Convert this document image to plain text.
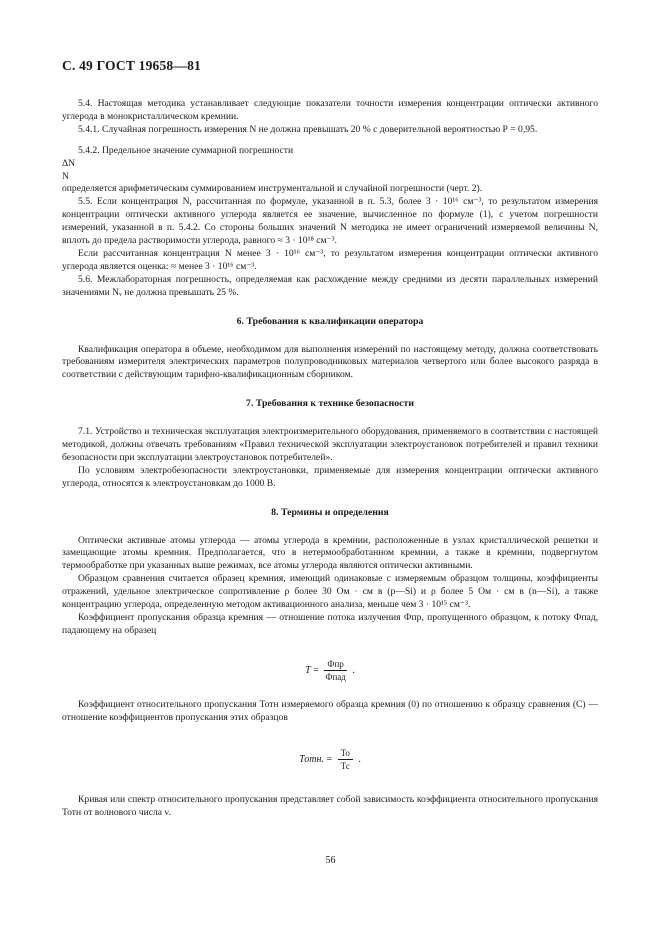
С. 49 ГОСТ 19658—81

5.4. Настоящая методика устанавливает следующие показатели точности измерения концентрации оптически активного углерода в монокристаллическом кремнии.

5.4.1. Случайная погрешность измерения N не должна превышать 20 % с доверительной вероятностью Р = 0,95.

5.4.2. Предельное значение суммарной погрешности

ΔN
N
определяется арифметическим суммированием инструментальной и случайной погрешности (черт. 2).

5.5. Если концентрация N, рассчитанная по формуле, указанной в п. 5.3, более 3 · 10¹⁶ см⁻³, то результатом измерения концентрации оптически активного углерода является ее значение, вычисленное по формуле (1), с учетом погрешности измерений, указанной в п. 5.4.2. Со стороны больших значений N методика не имеет ограничений измеряемой величины N, вплоть до предела растворимости углерода, равного ≈ 3 · 10¹⁸ см⁻³.

Если рассчитанная концентрация N менее 3 · 10¹⁶ см⁻³, то результатом измерения концентрации оптически активного углерода является оценка: ≈ менее 3 · 10¹⁶ см⁻³.

5.6. Межлабораторная погрешность, определяемая как расхождение между средними из десяти параллельных измерений значениями Nᵥ не должна превышать 25 %.

6. Требования к квалификации оператора

Квалификация оператора в объеме, необходимом для выполнения измерений по настоящему методу, должна соответствовать требованиям измерителя электрических параметров полупроводниковых материалов четвертого или более высокого разряда в соответствии с действующим тарифно-квалификационным сборником.

7. Требования к технике безопасности

7.1. Устройство и техническая эксплуатация электроизмерительного оборудования, применяемого в соответствии с настоящей методикой, должны отвечать требованиям «Правил технической эксплуатации электроустановок потребителей и правил техники безопасности при эксплуатации электроустановок потребителей».

По условиям электробезопасности электроустановки, применяемые для измерения концентрации оптически активного углерода, относятся к электроустановкам до 1000 В.

8. Термины и определения

Оптически активные атомы углерода — атомы углерода в кремнии, расположенные в узлах кристаллической решетки и замещающие атомы кремния. Предполагается, что в нетермообработанном кремнии, а также в кремнии, подвергнутом термообработке при указанных выше режимах, все атомы углерода являются оптически активными.

Образцом сравнения считается образец кремния, имеющий одинаковые с измеряемым образцом толщины, коэффициенты отражений, удельное электрическое сопротивление ρ более 30 Ом · см в (р—Si) и ρ более 5 Ом · см в (n—Si), а также концентрацию углерода, определенную методом активационного анализа, меньше чем 3 · 10¹⁵ см⁻³.

Коэффициент пропускания образца кремния — отношение потока излучения Фпр, пропущенного образцом, к потоку Фпад, падающему на образец

$T = \frac{\text{Фпр}}{\text{Фпад}}$ .

Коэффициент относительного пропускания Тотн измеряемого образца кремния (0) по отношению к образцу сравнения (С) — отношение коэффициентов пропускания этих образцов

Тотн. = $\frac{То}{Тс}$ .

Кривая или спектр относительного пропускания представляет собой зависимость коэффициента относительного пропускания Тотн от волнового числа ν.

56
